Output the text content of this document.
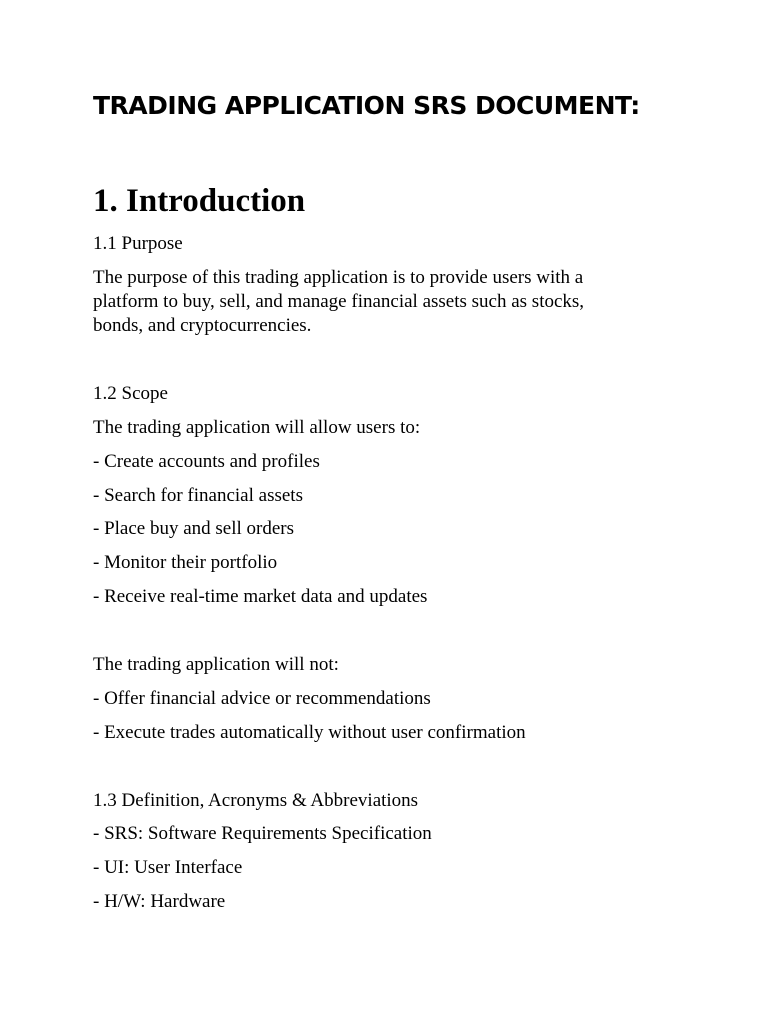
TRADING APPLICATION SRS DOCUMENT:
1. Introduction

1.1 Purpose

The purpose of this trading application is to provide users with a

platform to buy, sell, and manage financial assets such as stocks,

bonds, and cryptocurrencies.

1.2 Scope

The trading application will allow users to:

- Create accounts and profiles

- Search for financial assets

- Place buy and sell orders

- Monitor their portfolio

- Receive real-time market data and updates

The trading application will not:

- Offer financial advice or recommendations

- Execute trades automatically without user confirmation

1.3 Definition, Acronyms & Abbreviations

- SRS: Software Requirements Specification

- UI: User Interface

- H/W: Hardware
